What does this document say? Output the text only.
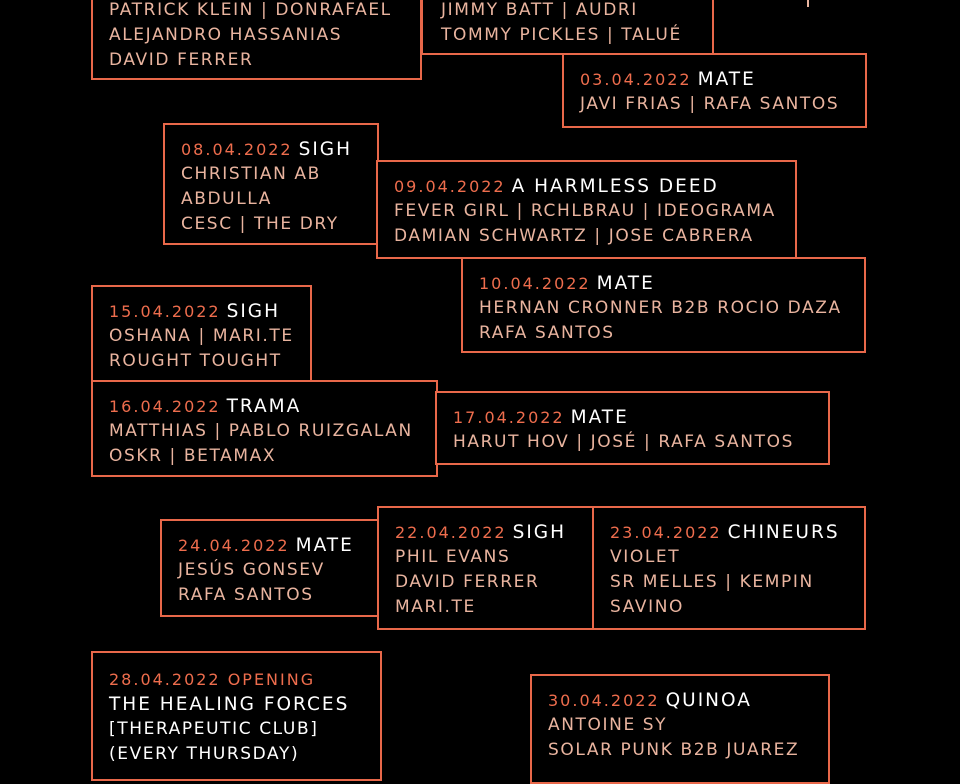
PATRICK KLEIN | DONRAFAEL
ALEJANDRO HASSANIAS
DAVID FERRER
JIMMY BATT | AUDRI
TOMMY PICKLES | TALUÉ
03.04.2022 MATE
JAVI FRIAS | RAFA SANTOS
08.04.2022 SIGH
CHRISTIAN AB
ABDULLA
CESC | THE DRY
09.04.2022 A HARMLESS DEED
FEVER GIRL | RCHLBRAU | IDEOGRAMA
DAMIAN SCHWARTZ | JOSE CABRERA
10.04.2022 MATE
HERNAN CRONNER B2B ROCIO DAZA
RAFA SANTOS
15.04.2022 SIGH
OSHANA | MARI.TE
ROUGHT TOUGHT
16.04.2022 TRAMA
MATTHIAS | PABLO RUIZGALAN
OSKR | BETAMAX
17.04.2022 MATE
HARUT HOV | JOSÉ | RAFA SANTOS
24.04.2022 MATE
JESÚS GONSEV
RAFA SANTOS
22.04.2022 SIGH
PHIL EVANS
DAVID FERRER
MARI.TE
23.04.2022 CHINEURS
VIOLET
SR MELLES | KEMPIN
SAVINO
28.04.2022 OPENING
THE HEALING FORCES
[THERAPEUTIC CLUB]
(EVERY THURSDAY)
30.04.2022 QUINOA
ANTOINE SY
SOLAR PUNK B2B JUAREZ
